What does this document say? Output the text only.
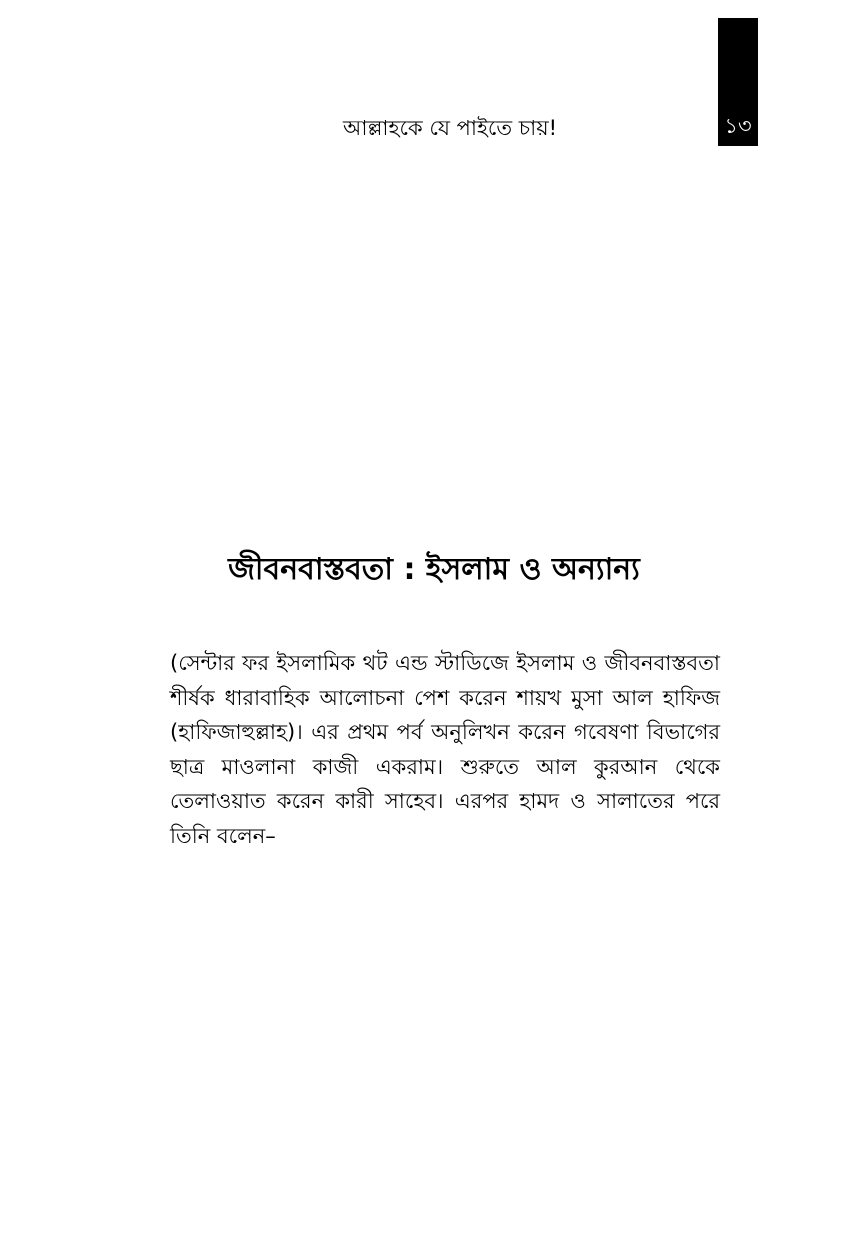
আল্লাহকে যে পাইতে চায়!	১৩
জীবনবাস্তবতা : ইসলাম ও অন্যান্য

(সেন্টার ফর ইসলামিক থট এন্ড স্টাডিজে ইসলাম ও জীবনবাস্তবতা
শীর্ষক ধারাবাহিক আলোচনা পেশ করেন শায়খ মুসা আল হাফিজ
(হাফিজাহুল্লাহ)। এর প্রথম পর্ব অনুলিখন করেন গবেষণা বিভাগের
ছাত্র মাওলানা কাজী একরাম। শুরুতে আল কুরআন থেকে
তেলাওয়াত করেন কারী সাহেব। এরপর হামদ ও সালাতের পরে
তিনি বলেন–
